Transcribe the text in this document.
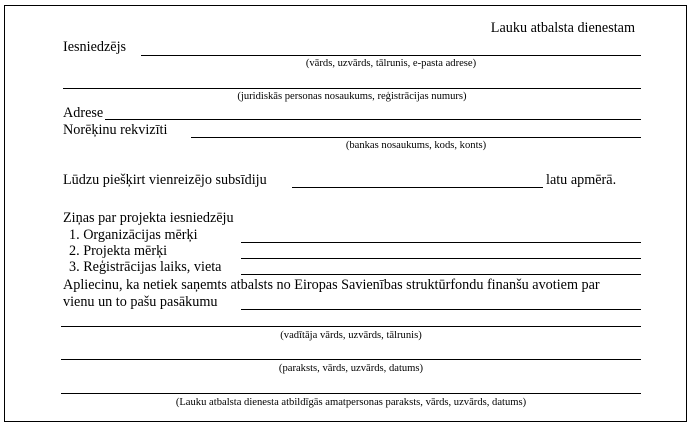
Lauku atbalsta dienestam
Iesniedzējs
(vārds, uzvārds, tālrunis, e-pasta adrese)
(juridiskās personas nosaukums, reģistrācijas numurs)
Adrese
Norēķinu rekvizīti
(bankas nosaukums, kods, konts)
Lūdzu piešķirt vienreizējo subsīdiju	latu apmērā.
Ziņas par projekta iesniedzēju
1. Organizācijas mērķi
2. Projekta mērķi
3. Reģistrācijas laiks, vieta
Apliecinu, ka netiek saņemts atbalsts no Eiropas Savienības struktūrfondu finanšu avotiem par
vienu un to pašu pasākumu
(vadītāja vārds, uzvārds, tālrunis)
(paraksts, vārds, uzvārds, datums)
(Lauku atbalsta dienesta atbildīgās amatpersonas paraksts, vārds, uzvārds, datums)
